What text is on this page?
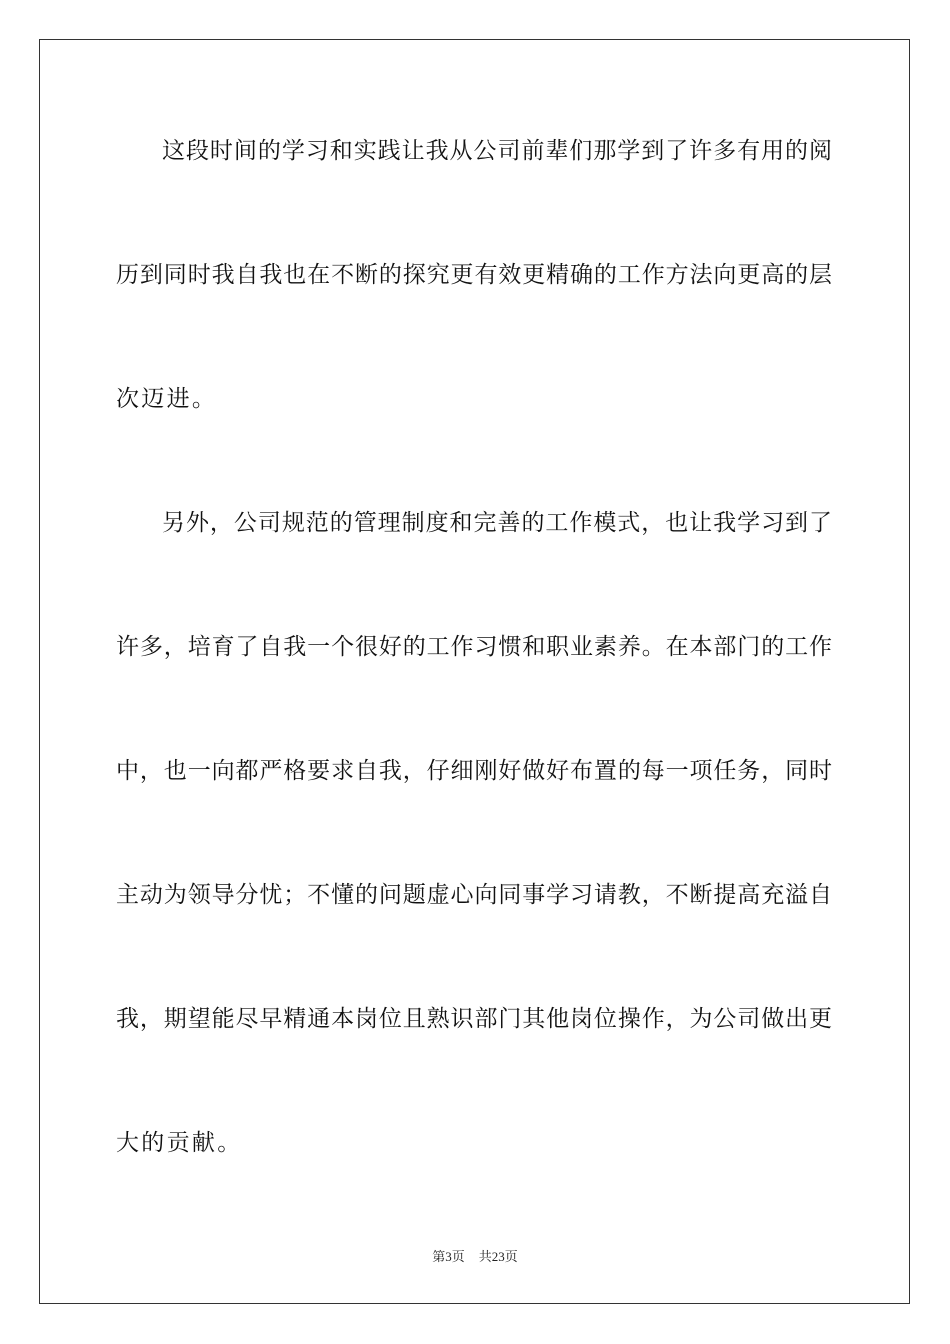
这段时间的学习和实践让我从公司前辈们那学到了许多有用的阅
历到同时我自我也在不断的探究更有效更精确的工作方法向更高的层
次迈进。
另外，公司规范的管理制度和完善的工作模式，也让我学习到了
许多，培育了自我一个很好的工作习惯和职业素养。在本部门的工作
中，也一向都严格要求自我，仔细刚好做好布置的每一项任务，同时
主动为领导分忧；不懂的问题虚心向同事学习请教，不断提高充溢自
我，期望能尽早精通本岗位且熟识部门其他岗位操作，为公司做出更
大的贡献。
第3页 共23页
